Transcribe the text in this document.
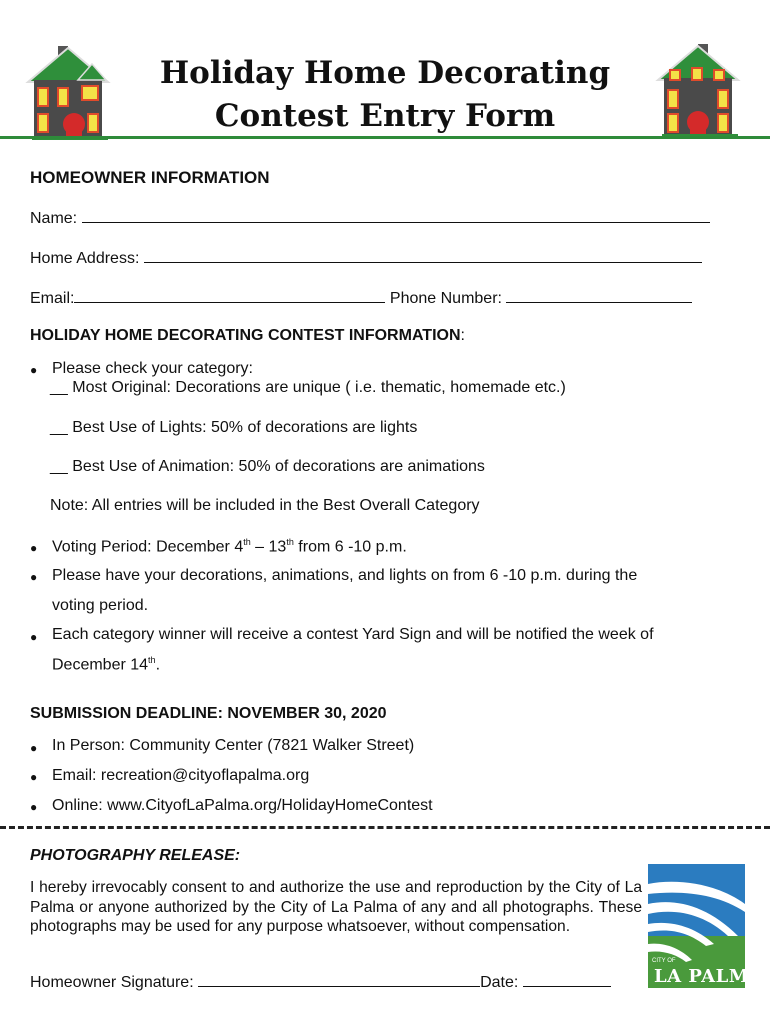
Holiday Home Decorating
Contest Entry Form
HOMEOWNER INFORMATION
Name:
Home Address:
Email:	Phone Number:
HOLIDAY HOME DECORATING CONTEST INFORMATION:
● Please check your category:
__ Most Original: Decorations are unique ( i.e. thematic, homemade etc.)
__ Best Use of Lights: 50% of decorations are lights
__ Best Use of Animation: 50% of decorations are animations
Note: All entries will be included in the Best Overall Category
● Voting Period: December 4th – 13th from 6 -10 p.m.
● Please have your decorations, animations, and lights on from 6 -10 p.m. during the
voting period.
● Each category winner will receive a contest Yard Sign and will be notified the week of
December 14th.
SUBMISSION DEADLINE: NOVEMBER 30, 2020
● In Person: Community Center (7821 Walker Street)
● Email: recreation@cityoflapalma.org
● Online: www.CityofLaPalma.org/HolidayHomeContest
PHOTOGRAPHY RELEASE:
I hereby irrevocably consent to and authorize the use and reproduction by the City of La Palma or anyone authorized by the City of La Palma of any and all photographs. These photographs may be used for any purpose whatsoever, without compensation.
Homeowner Signature:	Date:	LA PALMA
CITY OF
